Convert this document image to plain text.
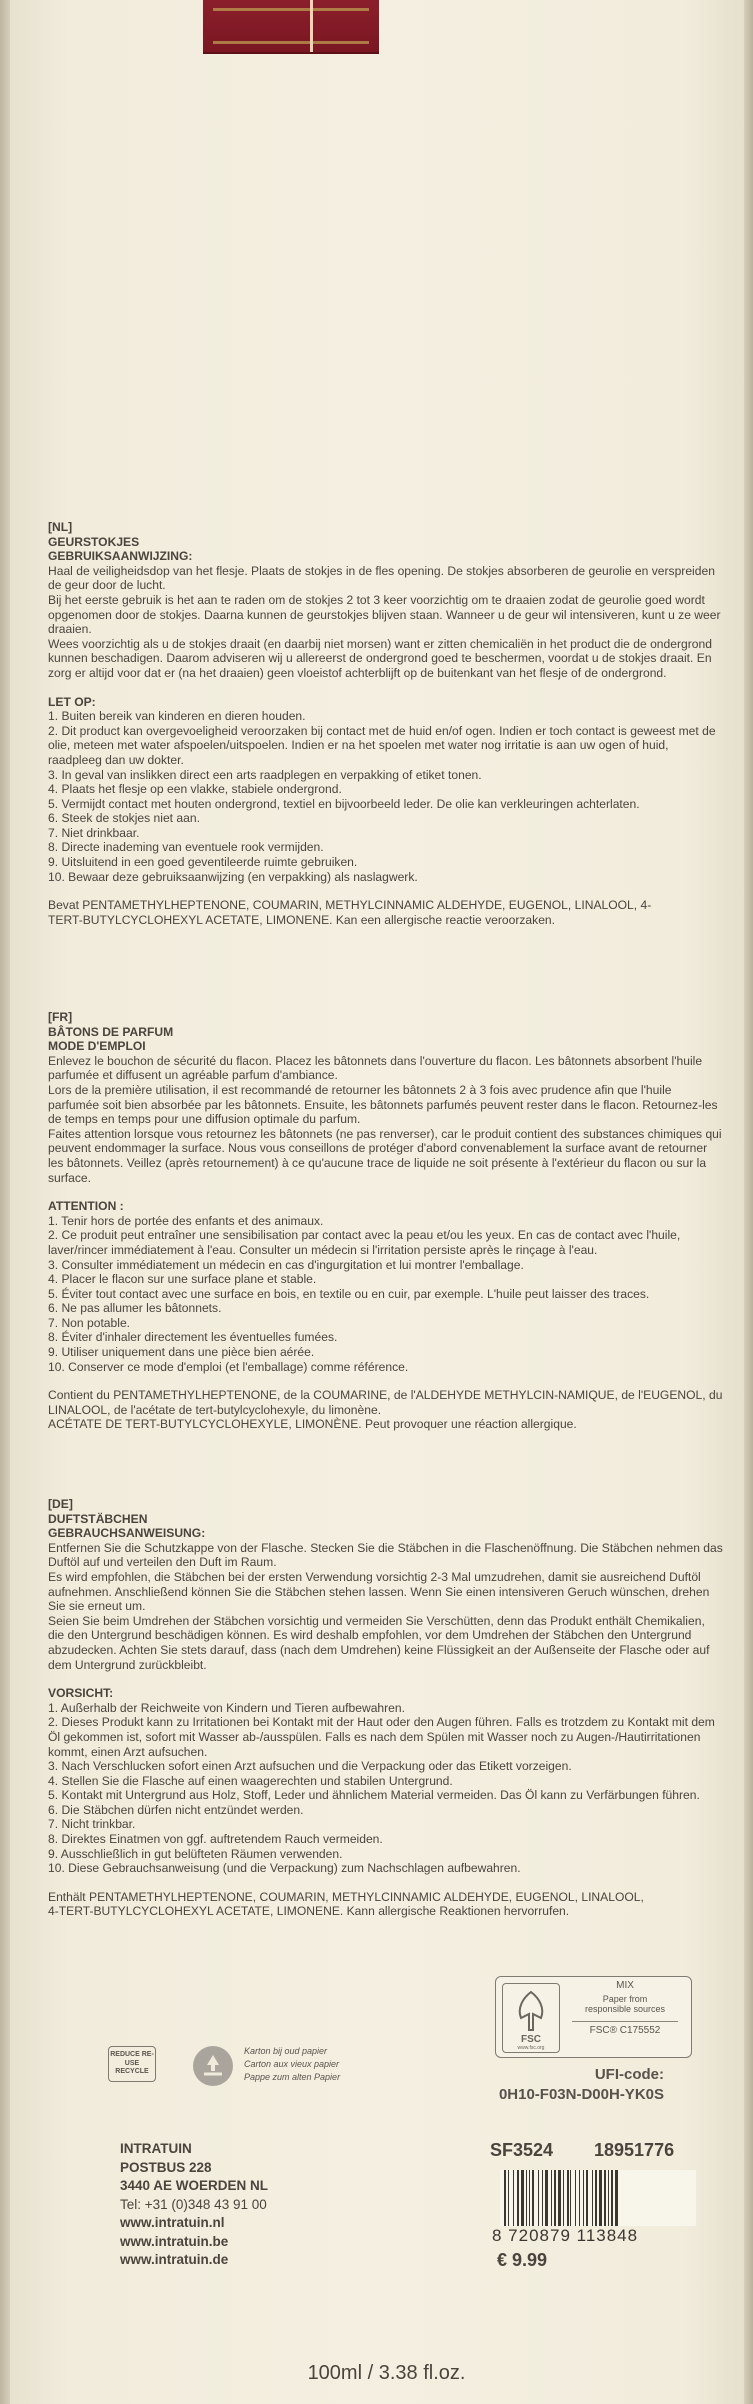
[NL]

GEURSTOKJES

GEBRUIKSAANWIJZING:

Haal de veiligheidsdop van het flesje. Plaats de stokjes in de fles opening. De stokjes absorberen de geurolie en verspreiden de geur door de lucht.

Bij het eerste gebruik is het aan te raden om de stokjes 2 tot 3 keer voorzichtig om te draaien zodat de geurolie goed wordt opgenomen door de stokjes. Daarna kunnen de geurstokjes blijven staan. Wanneer u de geur wil intensiveren, kunt u ze weer draaien.

Wees voorzichtig als u de stokjes draait (en daarbij niet morsen) want er zitten chemicaliën in het product die de ondergrond kunnen beschadigen. Daarom adviseren wij u allereerst de ondergrond goed te beschermen, voordat u de stokjes draait. En zorg er altijd voor dat er (na het draaien) geen vloeistof achterblijft op de buitenkant van het flesje of de ondergrond.

LET OP:

1. Buiten bereik van kinderen en dieren houden.

2. Dit product kan overgevoeligheid veroorzaken bij contact met de huid en/of ogen. Indien er toch contact is geweest met de olie, meteen met water afspoelen/uitspoelen. Indien er na het spoelen met water nog irritatie is aan uw ogen of huid, raadpleeg dan uw dokter.

3. In geval van inslikken direct een arts raadplegen en verpakking of etiket tonen.

4. Plaats het flesje op een vlakke, stabiele ondergrond.

5. Vermijdt contact met houten ondergrond, textiel en bijvoorbeeld leder. De olie kan verkleuringen achterlaten.

6. Steek de stokjes niet aan.

7. Niet drinkbaar.

8. Directe inademing van eventuele rook vermijden.

9. Uitsluitend in een goed geventileerde ruimte gebruiken.

10. Bewaar deze gebruiksaanwijzing (en verpakking) als naslagwerk.

Bevat PENTAMETHYLHEPTENONE, COUMARIN, METHYLCINNAMIC ALDEHYDE, EUGENOL, LINALOOL, 4-

TERT-BUTYLCYCLOHEXYL ACETATE, LIMONENE. Kan een allergische reactie veroorzaken.

[FR]

BÂTONS DE PARFUM

MODE D'EMPLOI

Enlevez le bouchon de sécurité du flacon. Placez les bâtonnets dans l'ouverture du flacon. Les bâtonnets absorbent l'huile parfumée et diffusent un agréable parfum d'ambiance.

Lors de la première utilisation, il est recommandé de retourner les bâtonnets 2 à 3 fois avec prudence afin que l'huile parfumée soit bien absorbée par les bâtonnets. Ensuite, les bâtonnets parfumés peuvent rester dans le flacon. Retournez-les de temps en temps pour une diffusion optimale du parfum.

Faites attention lorsque vous retournez les bâtonnets (ne pas renverser), car le produit contient des substances chimiques qui peuvent endommager la surface. Nous vous conseillons de protéger d'abord convenablement la surface avant de retourner les bâtonnets. Veillez (après retournement) à ce qu'aucune trace de liquide ne soit présente à l'extérieur du flacon ou sur la surface.

ATTENTION :

1. Tenir hors de portée des enfants et des animaux.

2. Ce produit peut entraîner une sensibilisation par contact avec la peau et/ou les yeux. En cas de contact avec l'huile, laver/rincer immédiatement à l'eau. Consulter un médecin si l'irritation persiste après le rinçage à l'eau.

3. Consulter immédiatement un médecin en cas d'ingurgitation et lui montrer l'emballage.

4. Placer le flacon sur une surface plane et stable.

5. Éviter tout contact avec une surface en bois, en textile ou en cuir, par exemple. L'huile peut laisser des traces.

6. Ne pas allumer les bâtonnets.

7. Non potable.

8. Éviter d'inhaler directement les éventuelles fumées.

9. Utiliser uniquement dans une pièce bien aérée.

10. Conserver ce mode d'emploi (et l'emballage) comme référence.

Contient du PENTAMETHYLHEPTENONE, de la COUMARINE, de l'ALDEHYDE METHYLCIN-NAMIQUE, de l'EUGENOL, du LINALOOL, de l'acétate de tert-butylcyclohexyle, du limonène.

ACÉTATE DE TERT-BUTYLCYCLOHEXYLE, LIMONÈNE. Peut provoquer une réaction allergique.

[DE]

DUFTSTÄBCHEN

GEBRAUCHSANWEISUNG:

Entfernen Sie die Schutzkappe von der Flasche. Stecken Sie die Stäbchen in die Flaschenöffnung. Die Stäbchen nehmen das Duftöl auf und verteilen den Duft im Raum.

Es wird empfohlen, die Stäbchen bei der ersten Verwendung vorsichtig 2-3 Mal umzudrehen, damit sie ausreichend Duftöl aufnehmen. Anschließend können Sie die Stäbchen stehen lassen. Wenn Sie einen intensiveren Geruch wünschen, drehen Sie sie erneut um.

Seien Sie beim Umdrehen der Stäbchen vorsichtig und vermeiden Sie Verschütten, denn das Produkt enthält Chemikalien, die den Untergrund beschädigen können. Es wird deshalb empfohlen, vor dem Umdrehen der Stäbchen den Untergrund abzudecken. Achten Sie stets darauf, dass (nach dem Umdrehen) keine Flüssigkeit an der Außenseite der Flasche oder auf dem Untergrund zurückbleibt.

VORSICHT:

1. Außerhalb der Reichweite von Kindern und Tieren aufbewahren.

2. Dieses Produkt kann zu Irritationen bei Kontakt mit der Haut oder den Augen führen. Falls es trotzdem zu Kontakt mit dem Öl gekommen ist, sofort mit Wasser ab-/ausspülen. Falls es nach dem Spülen mit Wasser noch zu Augen-/Hautirritationen kommt, einen Arzt aufsuchen.

3. Nach Verschlucken sofort einen Arzt aufsuchen und die Verpackung oder das Etikett vorzeigen.

4. Stellen Sie die Flasche auf einen waagerechten und stabilen Untergrund.

5. Kontakt mit Untergrund aus Holz, Stoff, Leder und ähnlichem Material vermeiden. Das Öl kann zu Verfärbungen führen.

6. Die Stäbchen dürfen nicht entzündet werden.

7. Nicht trinkbar.

8. Direktes Einatmen von ggf. auftretendem Rauch vermeiden.

9. Ausschließlich in gut belüfteten Räumen verwenden.

10. Diese Gebrauchsanweisung (und die Verpackung) zum Nachschlagen aufbewahren.

Enthält PENTAMETHYLHEPTENONE, COUMARIN, METHYLCINNAMIC ALDEHYDE, EUGENOL, LINALOOL,

4-TERT-BUTYLCYCLOHEXYL ACETATE, LIMONENE. Kann allergische Reaktionen hervorrufen.

FSC
www.fsc.org
MIX
Paper from
responsible sources
FSC® C175552
UFI-code:
0H10-F03N-D00H-YK0S
REDUCE RE-USE RECYCLE
Karton bij oud papier
Carton aux vieux papier
Pappe zum alten Papier
INTRATUIN
POSTBUS 228
3440 AE WOERDEN NL
Tel: +31 (0)348 43 91 00
www.intratuin.nl
www.intratuin.be
www.intratuin.de
SF3524 18951776
8 720879 113848
€ 9.99
100ml / 3.38 fl.oz.
